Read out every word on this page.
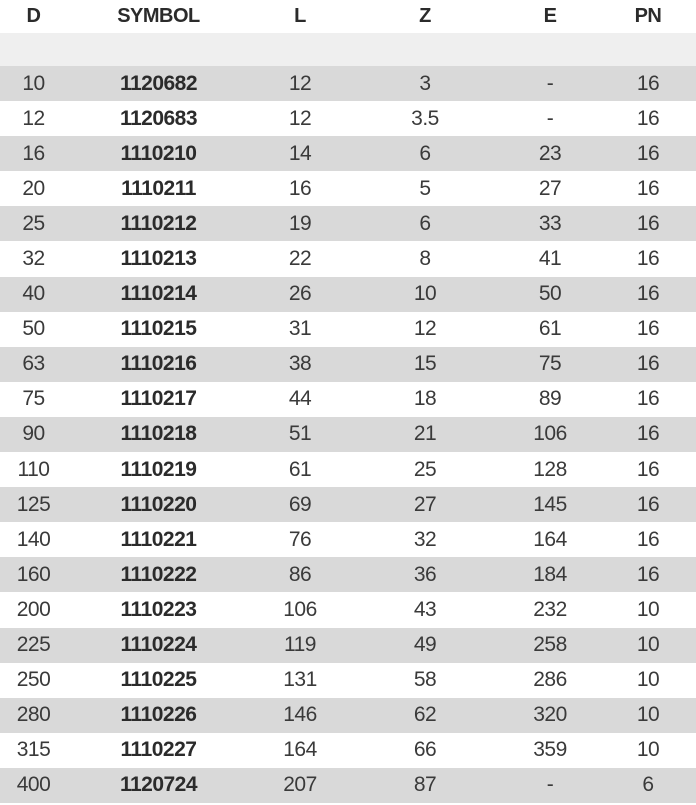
D	SYMBOL	L	Z	E	PN
10	1120682	12	3	-	16
12	1120683	12	3.5	-	16
16	1110210	14	6	23	16
20	1110211	16	5	27	16
25	1110212	19	6	33	16
32	1110213	22	8	41	16
40	1110214	26	10	50	16
50	1110215	31	12	61	16
63	1110216	38	15	75	16
75	1110217	44	18	89	16
90	1110218	51	21	106	16
110	1110219	61	25	128	16
125	1110220	69	27	145	16
140	1110221	76	32	164	16
160	1110222	86	36	184	16
200	1110223	106	43	232	10
225	1110224	119	49	258	10
250	1110225	131	58	286	10
280	1110226	146	62	320	10
315	1110227	164	66	359	10
400	1120724	207	87	-	6
